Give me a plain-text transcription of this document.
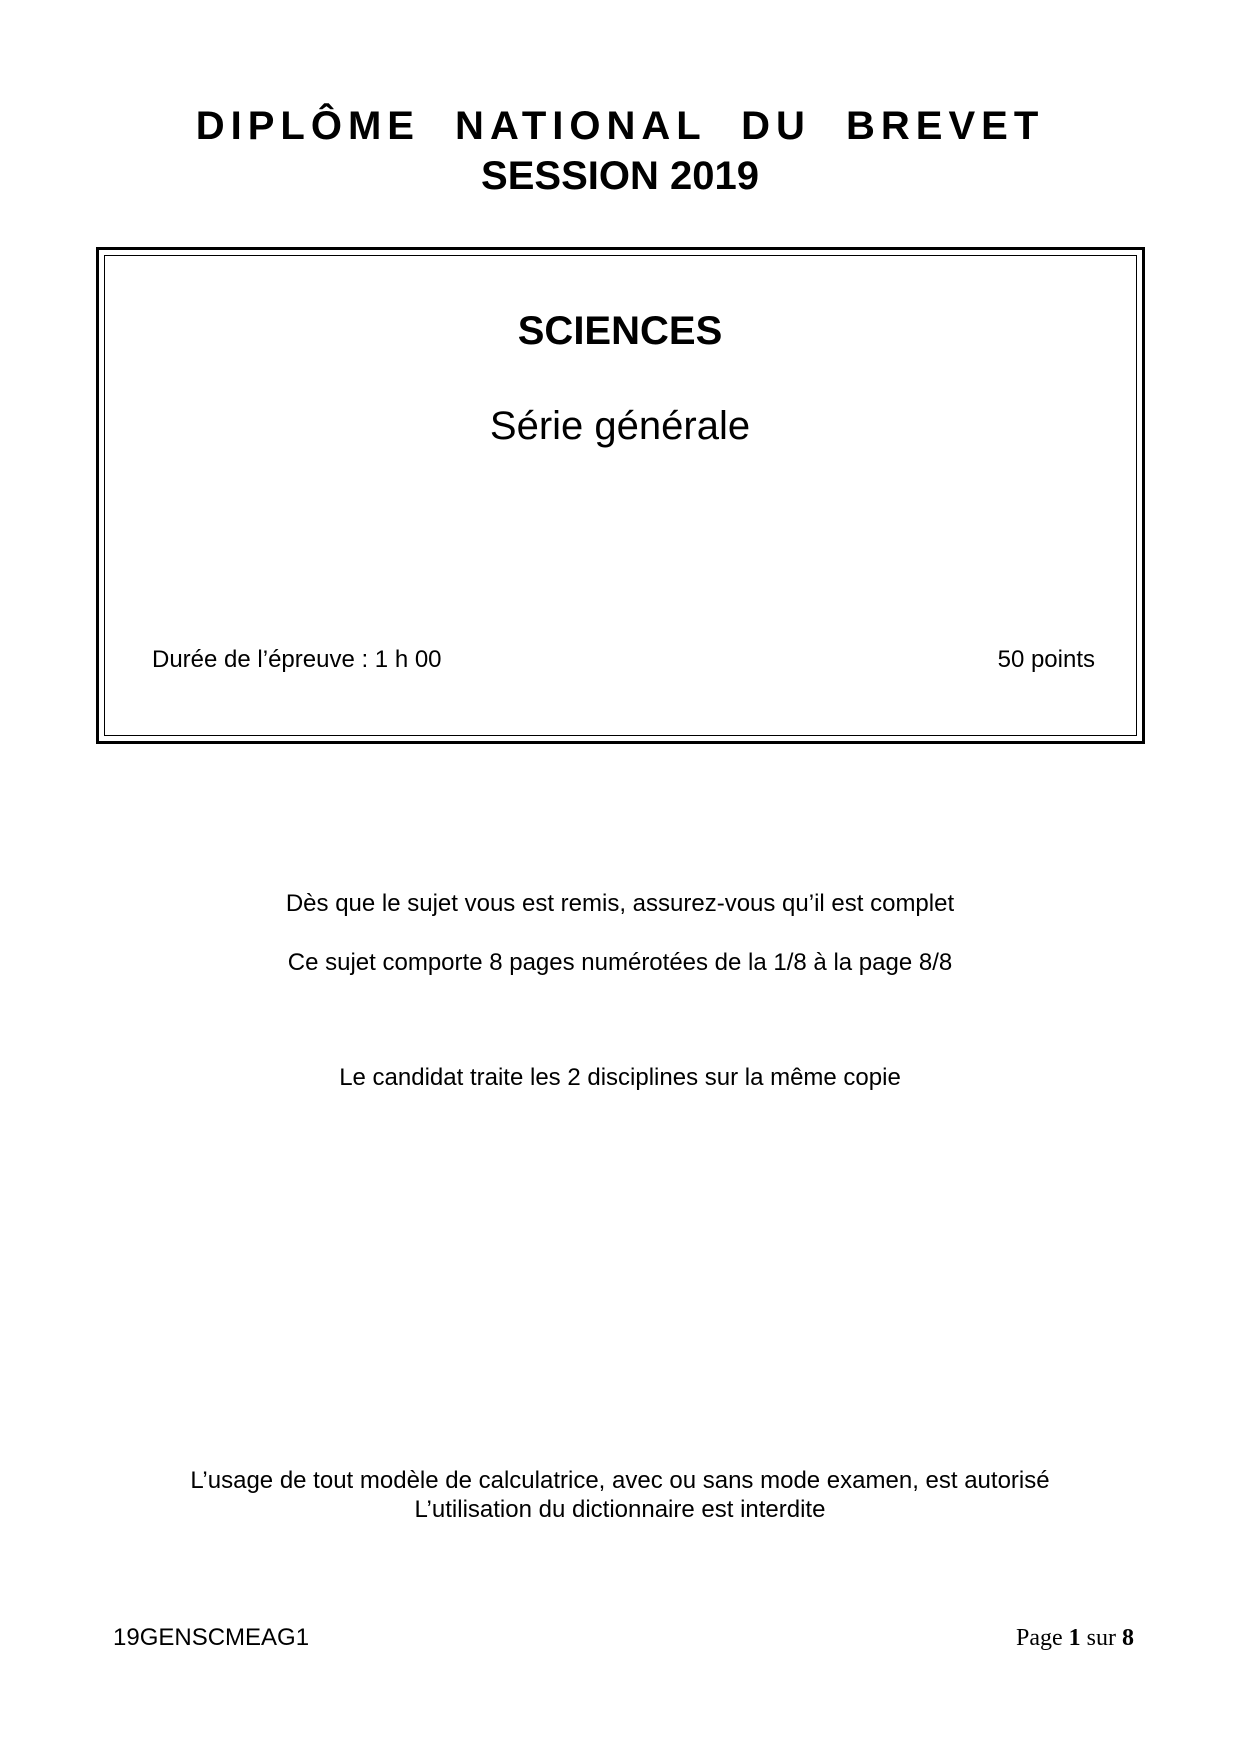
DIPLÔME NATIONAL DU BREVET
SESSION 2019
SCIENCES
Série générale
Durée de l’épreuve : 1 h 00	50 points
Dès que le sujet vous est remis, assurez-vous qu’il est complet
Ce sujet comporte 8 pages numérotées de la 1/8 à la page 8/8
Le candidat traite les 2 disciplines sur la même copie
L’usage de tout modèle de calculatrice, avec ou sans mode examen, est autorisé
L’utilisation du dictionnaire est interdite
19GENSCMEAG1	Page 1 sur 8
